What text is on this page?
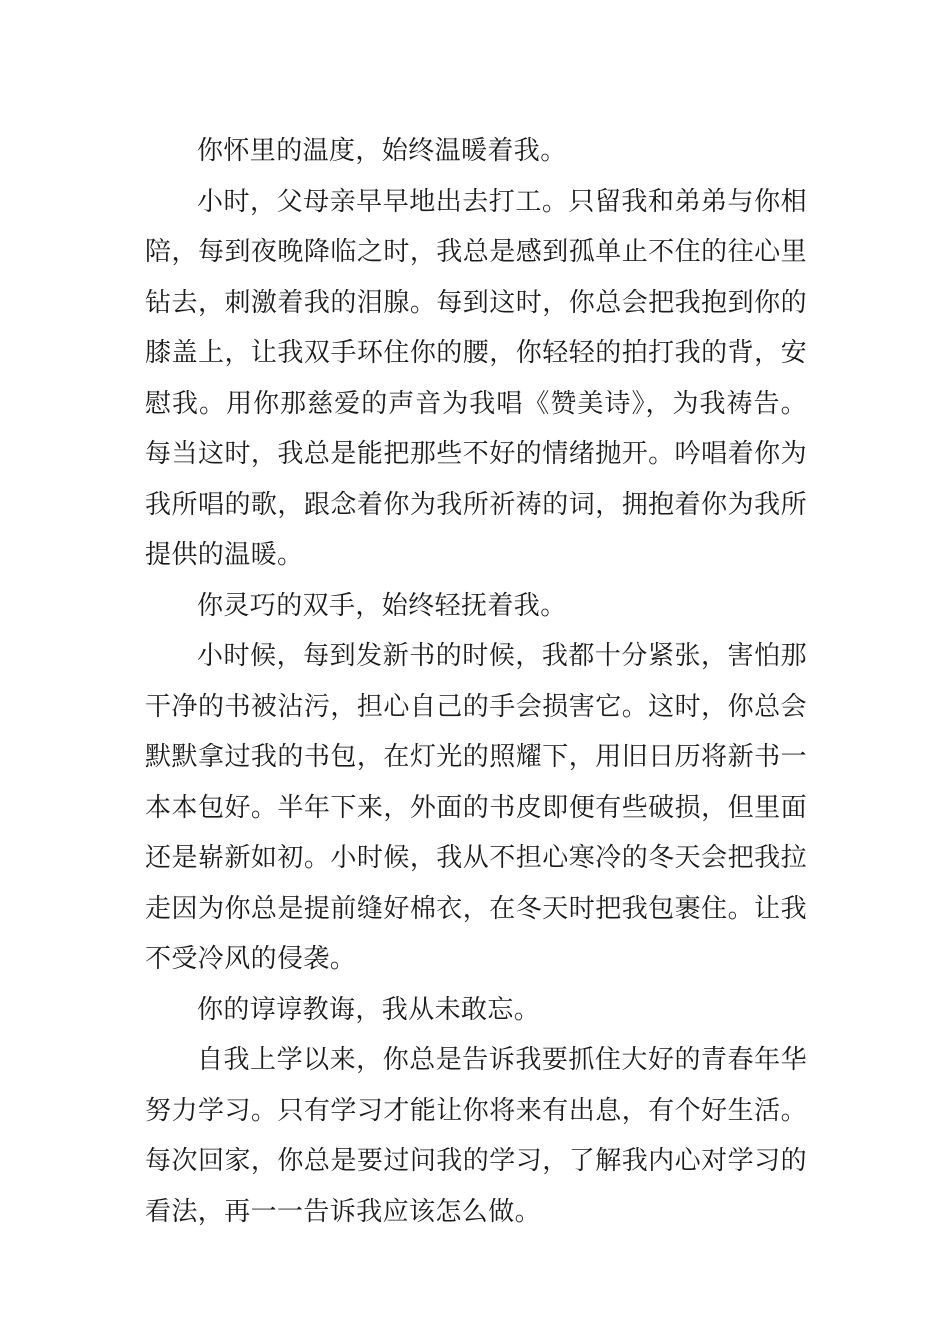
你怀里的温度，始终温暖着我。

小时，父母亲早早地出去打工。只留我和弟弟与你相陪，每到夜晚降临之时，我总是感到孤单止不住的往心里钻去，刺激着我的泪腺。每到这时，你总会把我抱到你的膝盖上，让我双手环住你的腰，你轻轻的拍打我的背，安慰我。用你那慈爱的声音为我唱《赞美诗》，为我祷告。每当这时，我总是能把那些不好的情绪抛开。吟唱着你为我所唱的歌，跟念着你为我所祈祷的词，拥抱着你为我所提供的温暖。

你灵巧的双手，始终轻抚着我。

小时候，每到发新书的时候，我都十分紧张，害怕那干净的书被沾污，担心自己的手会损害它。这时，你总会默默拿过我的书包，在灯光的照耀下，用旧日历将新书一本本包好。半年下来，外面的书皮即便有些破损，但里面还是崭新如初。小时候，我从不担心寒冷的冬天会把我拉走因为你总是提前缝好棉衣，在冬天时把我包裹住。让我不受冷风的侵袭。

你的谆谆教诲，我从未敢忘。

自我上学以来，你总是告诉我要抓住大好的青春年华努力学习。只有学习才能让你将来有出息，有个好生活。每次回家，你总是要过问我的学习，了解我内心对学习的看法，再一一告诉我应该怎么做。
